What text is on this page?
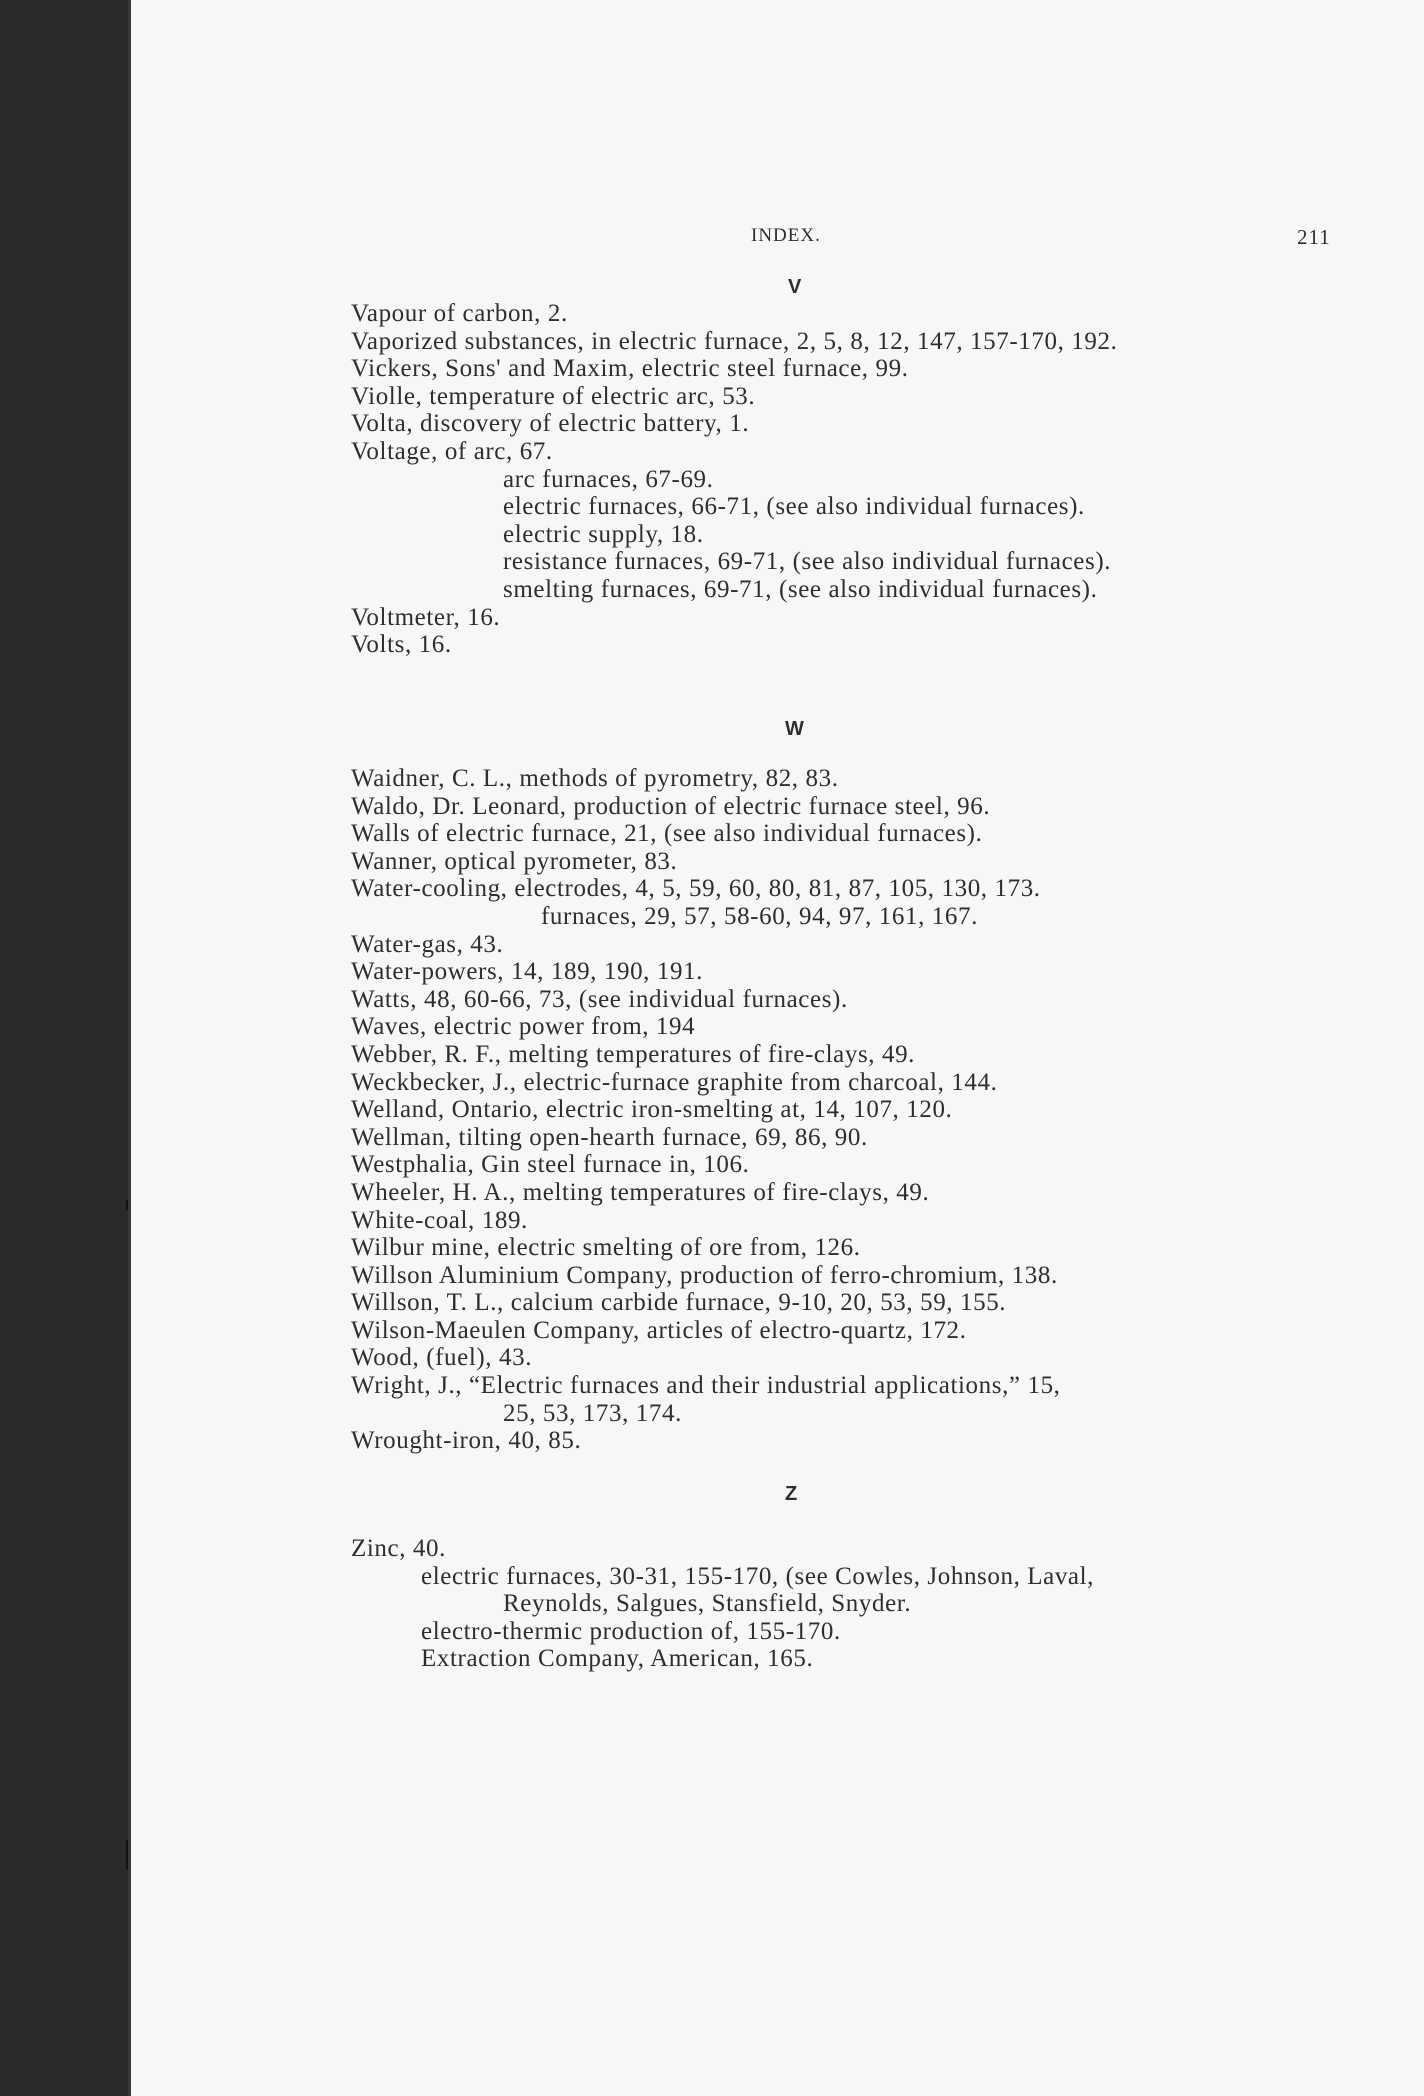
INDEX.	211
V
Vapour of carbon, 2.
Vaporized substances, in electric furnace, 2, 5, 8, 12, 147, 157-170, 192.
Vickers, Sons' and Maxim, electric steel furnace, 99.
Violle, temperature of electric arc, 53.
Volta, discovery of electric battery, 1.
Voltage, of arc, 67.
arc furnaces, 67-69.
electric furnaces, 66-71, (see also individual furnaces).
electric supply, 18.
resistance furnaces, 69-71, (see also individual furnaces).
smelting furnaces, 69-71, (see also individual furnaces).
Voltmeter, 16.
Volts, 16.
W
Waidner, C. L., methods of pyrometry, 82, 83.
Waldo, Dr. Leonard, production of electric furnace steel, 96.
Walls of electric furnace, 21, (see also individual furnaces).
Wanner, optical pyrometer, 83.
Water-cooling, electrodes, 4, 5, 59, 60, 80, 81, 87, 105, 130, 173.
furnaces, 29, 57, 58-60, 94, 97, 161, 167.
Water-gas, 43.
Water-powers, 14, 189, 190, 191.
Watts, 48, 60-66, 73, (see individual furnaces).
Waves, electric power from, 194
Webber, R. F., melting temperatures of fire-clays, 49.
Weckbecker, J., electric-furnace graphite from charcoal, 144.
Welland, Ontario, electric iron-smelting at, 14, 107, 120.
Wellman, tilting open-hearth furnace, 69, 86, 90.
Westphalia, Gin steel furnace in, 106.
Wheeler, H. A., melting temperatures of fire-clays, 49.
White-coal, 189.
Wilbur mine, electric smelting of ore from, 126.
Willson Aluminium Company, production of ferro-chromium, 138.
Willson, T. L., calcium carbide furnace, 9-10, 20, 53, 59, 155.
Wilson-Maeulen Company, articles of electro-quartz, 172.
Wood, (fuel), 43.
Wright, J., “Electric furnaces and their industrial applications,” 15,
25, 53, 173, 174.
Wrought-iron, 40, 85.
Z
Zinc, 40.
electric furnaces, 30-31, 155-170, (see Cowles, Johnson, Laval,
Reynolds, Salgues, Stansfield, Snyder.
electro-thermic production of, 155-170.
Extraction Company, American, 165.
